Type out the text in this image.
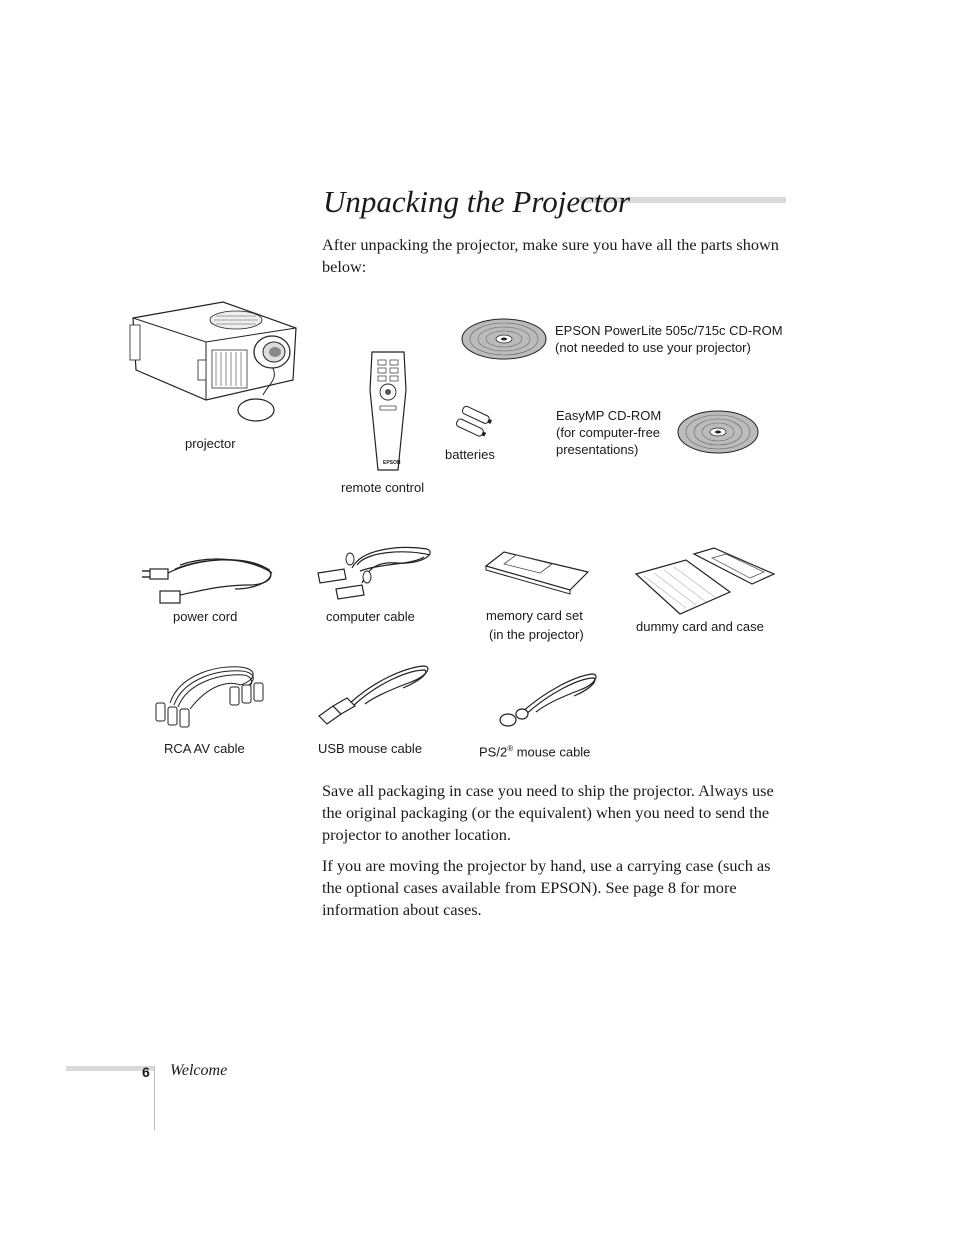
Unpacking the Projector
After unpacking the projector, make sure you have all the parts shown below:
projector
EPSON
remote control
batteries
EPSON PowerLite 505c/715c CD-ROM
(not needed to use your projector)
EasyMP CD-ROM
(for computer-free
presentations)
power cord	computer cable	memory card set
(in the projector)
dummy card and case
RCA AV cable	USB mouse cable	PS/2® mouse cable
Save all packaging in case you need to ship the projector. Always use the original packaging (or the equivalent) when you need to send the projector to another location.
If you are moving the projector by hand, use a carrying case (such as the optional cases available from EPSON). See page 8 for more information about cases.
6 Welcome
